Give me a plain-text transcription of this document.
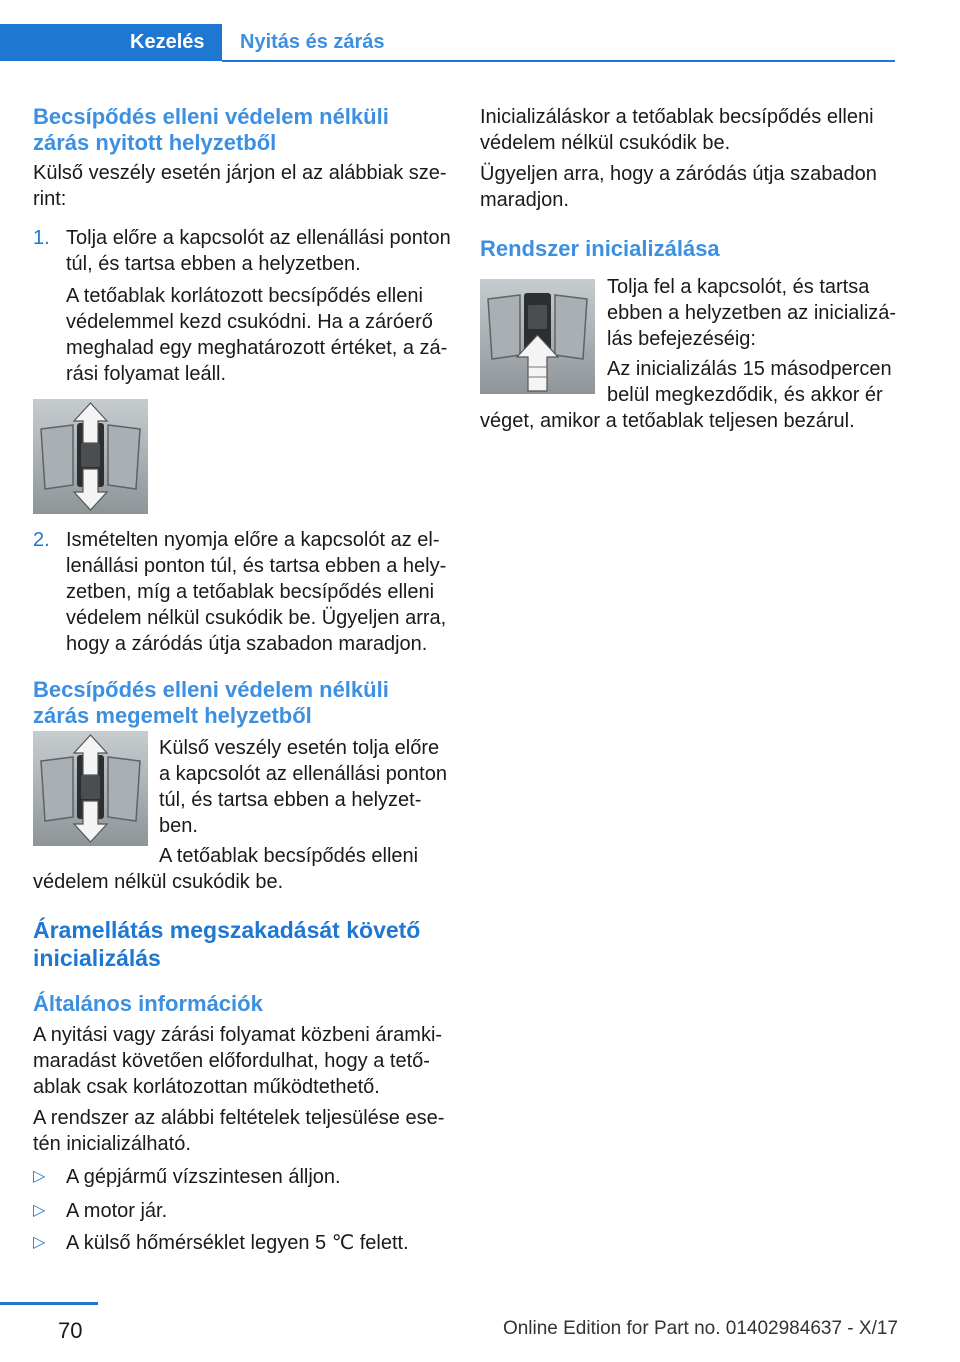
Kezelés	Nyitás és zárás
Becsípődés elleni védelem nélküli
zárás nyitott helyzetből

Külső veszély esetén járjon el az alábbiak sze‐
rint:

1. Tolja előre a kapcsolót az ellenállási ponton
túl, és tartsa ebben a helyzetben.
A tetőablak korlátozott becsípődés elleni
védelemmel kezd csukódni. Ha a záróerő
meghalad egy meghatározott értéket, a zá‐
rási folyamat leáll.
2. Ismételten nyomja előre a kapcsolót az el‐
lenállási ponton túl, és tartsa ebben a hely‐
zetben, míg a tetőablak becsípődés elleni
védelem nélkül csukódik be. Ügyeljen arra,
hogy a záródás útja szabadon maradjon.
Becsípődés elleni védelem nélküli
zárás megemelt helyzetből

Külső veszély esetén tolja előre
a kapcsolót az ellenállási ponton
túl, és tartsa ebben a helyzet‐
ben.

A tetőablak becsípődés elleni

védelem nélkül csukódik be.

Áramellátás megszakadását követő
inicializálás
Általános információk

A nyitási vagy zárási folyamat közbeni áramki‐
maradást követően előfordulhat, hogy a tető‐
ablak csak korlátozottan működtethető.

A rendszer az alábbi feltételek teljesülése ese‐
tén inicializálható.

▷ A gépjármű vízszintesen álljon.
▷ A motor jár.
▷ A külső hőmérséklet legyen 5 ℃ felett.

Inicializáláskor a tetőablak becsípődés elleni
védelem nélkül csukódik be.

Ügyeljen arra, hogy a záródás útja szabadon
maradjon.

Rendszer inicializálása

Tolja fel a kapcsolót, és tartsa
ebben a helyzetben az inicializá‐
lás befejezéséig:

Az inicializálás 15 másodpercen
belül megkezdődik, és akkor ér

véget, amikor a tetőablak teljesen bezárul.

70	Online Edition for Part no. 01402984637 - X/17
